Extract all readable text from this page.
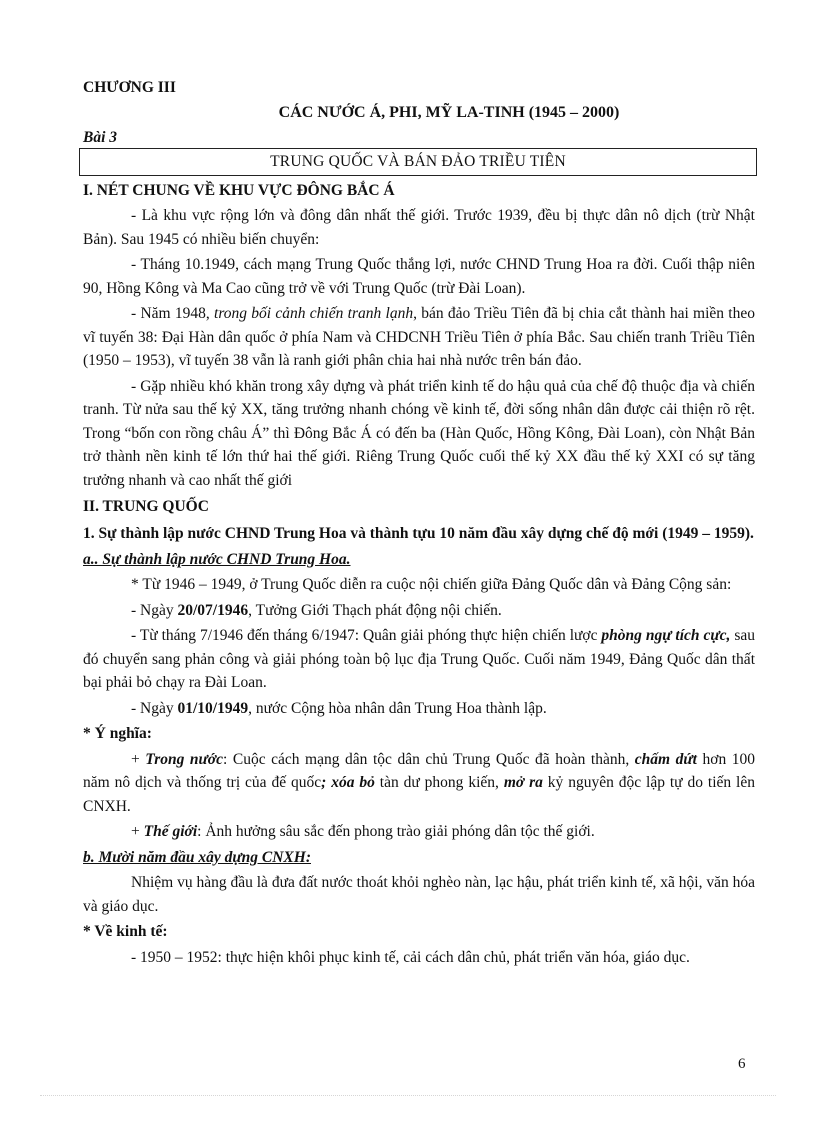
CHƯƠNG III
CÁC NƯỚC Á, PHI, MỸ LA-TINH (1945 – 2000)
Bài 3
TRUNG QUỐC VÀ BÁN ĐẢO TRIỀU TIÊN
I. NÉT CHUNG VỀ KHU VỰC ĐÔNG BẮC Á
- Là khu vực rộng lớn và đông dân nhất thế giới. Trước 1939, đều bị thực dân nô dịch (trừ Nhật Bản). Sau 1945 có nhiều biến chuyển:
- Tháng 10.1949, cách mạng Trung Quốc thắng lợi, nước CHND Trung Hoa ra đời. Cuối thập niên 90, Hồng Kông và Ma Cao cũng trở về với Trung Quốc (trừ Đài Loan).
- Năm 1948, trong bối cảnh chiến tranh lạnh, bán đảo Triều Tiên đã bị chia cắt thành hai miền theo vĩ tuyến 38: Đại Hàn dân quốc ở phía Nam và CHDCNH Triều Tiên ở phía Bắc. Sau chiến tranh Triều Tiên (1950 – 1953), vĩ tuyến 38 vẫn là ranh giới phân chia hai nhà nước trên bán đảo.
- Gặp nhiều khó khăn trong xây dựng và phát triển kinh tế do hậu quả của chế độ thuộc địa và chiến tranh. Từ nửa sau thế kỷ XX, tăng trưởng nhanh chóng về kinh tế, đời sống nhân dân được cải thiện rõ rệt. Trong “bốn con rồng châu Á” thì Đông Bắc Á có đến ba (Hàn Quốc, Hồng Kông, Đài Loan), còn Nhật Bản trở thành nền kinh tế lớn thứ hai thế giới. Riêng Trung Quốc cuối thế kỷ XX đầu thế kỷ XXI có sự tăng trưởng nhanh và cao nhất thế giới
II. TRUNG QUỐC
1. Sự thành lập nước CHND Trung Hoa và thành tựu 10 năm đầu xây dựng chế độ mới (1949 – 1959).
a.. Sự thành lập nước CHND Trung Hoa.
* Từ 1946 – 1949, ở Trung Quốc diễn ra cuộc nội chiến giữa Đảng Quốc dân và Đảng Cộng sản:
- Ngày 20/07/1946, Tưởng Giới Thạch phát động nội chiến.
- Từ tháng 7/1946 đến tháng 6/1947: Quân giải phóng thực hiện chiến lược phòng ngự tích cực, sau đó chuyển sang phản công và giải phóng toàn bộ lục địa Trung Quốc. Cuối năm 1949, Đảng Quốc dân thất bại phải bỏ chạy ra Đài Loan.
- Ngày 01/10/1949, nước Cộng hòa nhân dân Trung Hoa thành lập.
* Ý nghĩa:
+ Trong nước: Cuộc cách mạng dân tộc dân chủ Trung Quốc đã hoàn thành, chấm dứt hơn 100 năm nô dịch và thống trị của đế quốc; xóa bỏ tàn dư phong kiến, mở ra kỷ nguyên độc lập tự do tiến lên CNXH.
+ Thế giới: Ảnh hưởng sâu sắc đến phong trào giải phóng dân tộc thế giới.
b. Mười năm đầu xây dựng CNXH:
Nhiệm vụ hàng đầu là đưa đất nước thoát khỏi nghèo nàn, lạc hậu, phát triển kinh tế, xã hội, văn hóa và giáo dục.
* Về kinh tế:
- 1950 – 1952: thực hiện khôi phục kinh tế, cải cách dân chủ, phát triển văn hóa, giáo dục.
6
